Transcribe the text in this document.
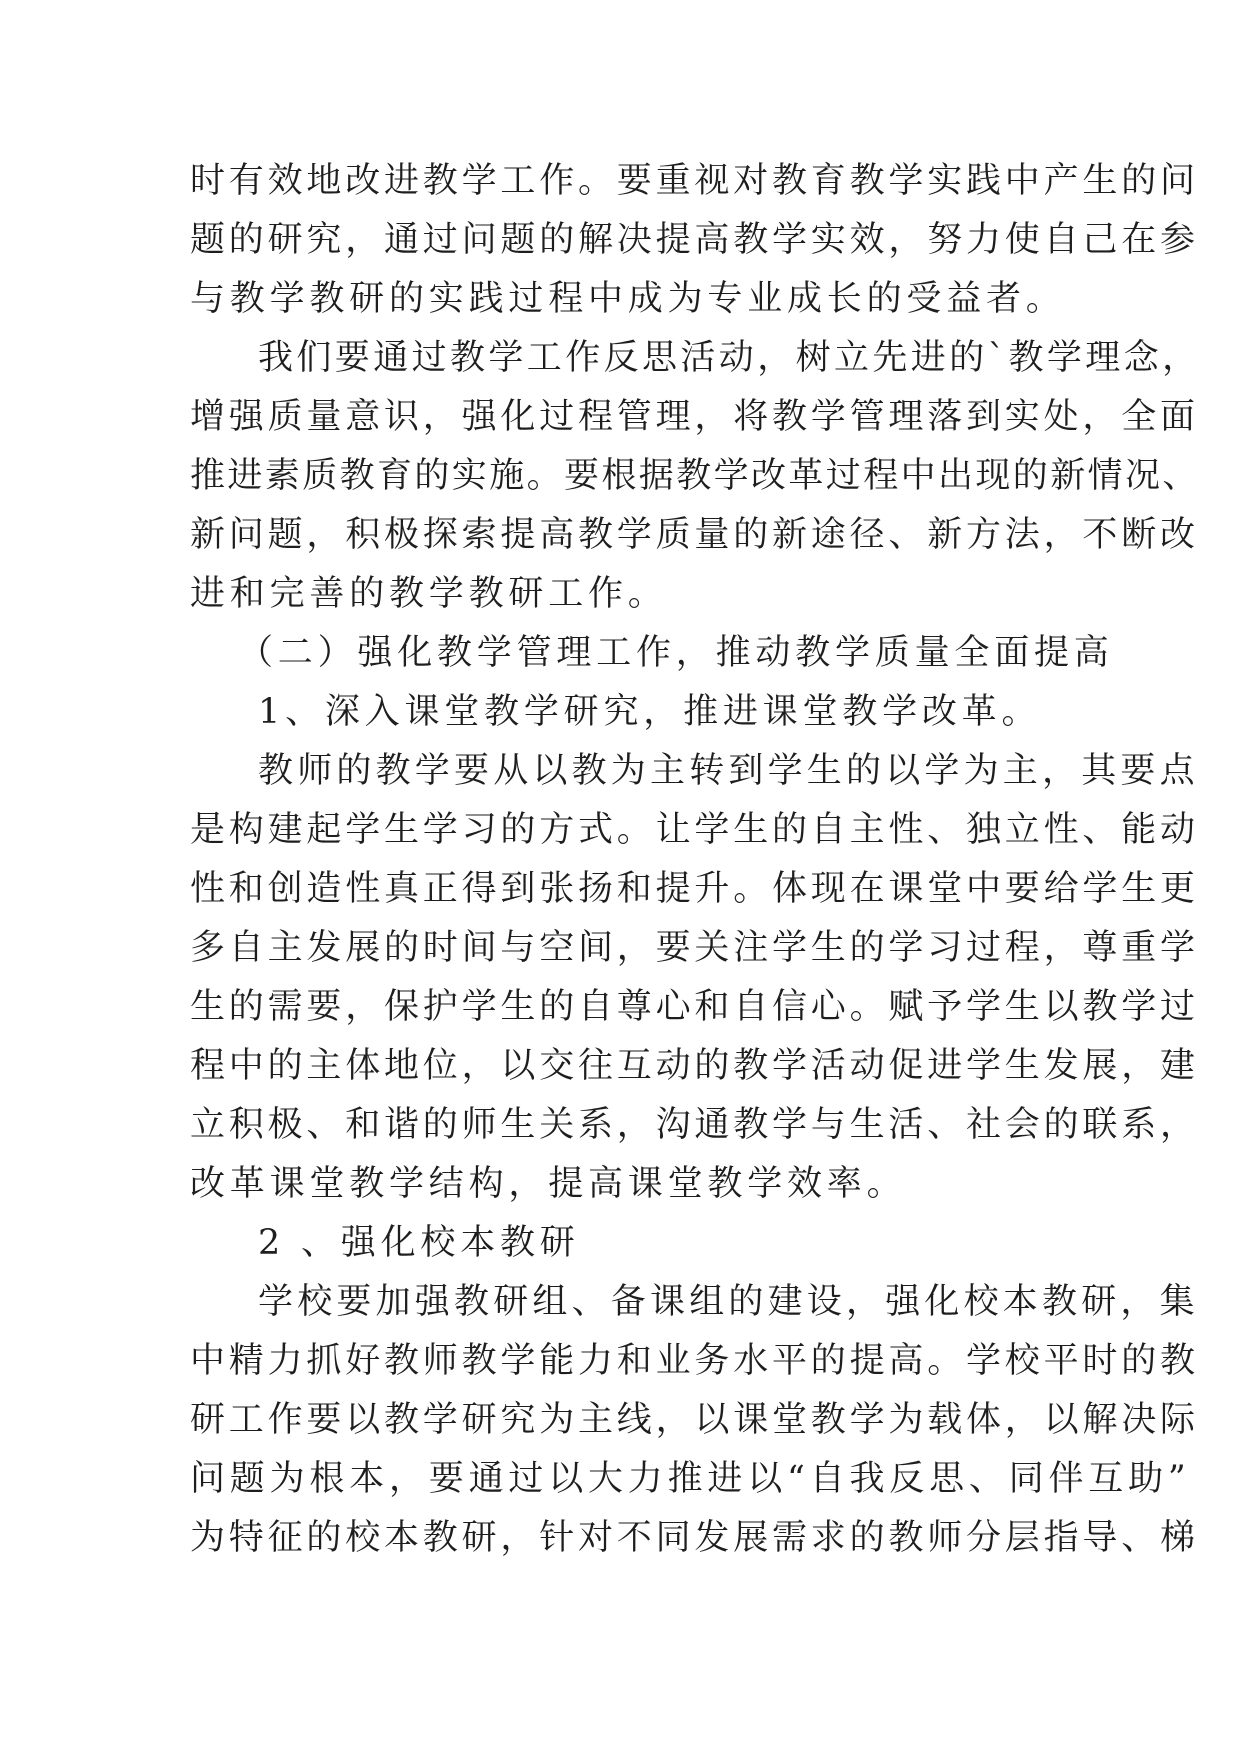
时有效地改进教学工作。要重视对教育教学实践中产生的问
题的研究，通过问题的解决提高教学实效，努力使自己在参
与教学教研的实践过程中成为专业成长的受益者。
我们要通过教学工作反思活动，树立先进的`教学理念，
增强质量意识，强化过程管理，将教学管理落到实处，全面
推进素质教育的实施。要根据教学改革过程中出现的新情况、
新问题，积极探索提高教学质量的新途径、新方法，不断改
进和完善的教学教研工作。
（二）强化教学管理工作，推动教学质量全面提高
1、深入课堂教学研究，推进课堂教学改革。
教师的教学要从以教为主转到学生的以学为主，其要点
是构建起学生学习的方式。让学生的自主性、独立性、能动
性和创造性真正得到张扬和提升。体现在课堂中要给学生更
多自主发展的时间与空间，要关注学生的学习过程，尊重学
生的需要，保护学生的自尊心和自信心。赋予学生以教学过
程中的主体地位，以交往互动的教学活动促进学生发展，建
立积极、和谐的师生关系，沟通教学与生活、社会的联系，
改革课堂教学结构，提高课堂教学效率。
2 、强化校本教研
学校要加强教研组、备课组的建设，强化校本教研，集
中精力抓好教师教学能力和业务水平的提高。学校平时的教
研工作要以教学研究为主线，以课堂教学为载体，以解决际
问题为根本，要通过以大力推进以“自我反思、同伴互助”
为特征的校本教研，针对不同发展需求的教师分层指导、梯
